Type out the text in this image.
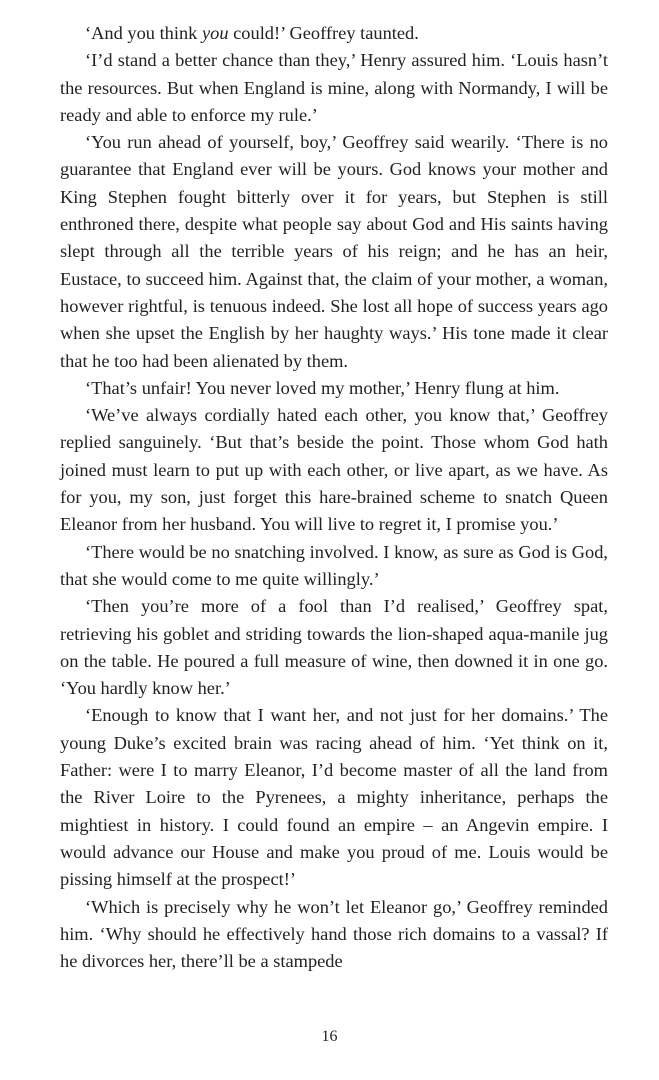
‘And you think you could!’ Geoffrey taunted.

‘I’d stand a better chance than they,’ Henry assured him. ‘Louis hasn’t the resources. But when England is mine, along with Normandy, I will be ready and able to enforce my rule.’

‘You run ahead of yourself, boy,’ Geoffrey said wearily. ‘There is no guarantee that England ever will be yours. God knows your mother and King Stephen fought bitterly over it for years, but Stephen is still enthroned there, despite what people say about God and His saints having slept through all the terrible years of his reign; and he has an heir, Eustace, to succeed him. Against that, the claim of your mother, a woman, however rightful, is tenuous indeed. She lost all hope of success years ago when she upset the English by her haughty ways.’ His tone made it clear that he too had been alienated by them.

‘That’s unfair! You never loved my mother,’ Henry flung at him.

‘We’ve always cordially hated each other, you know that,’ Geoffrey replied sanguinely. ‘But that’s beside the point. Those whom God hath joined must learn to put up with each other, or live apart, as we have. As for you, my son, just forget this hare-brained scheme to snatch Queen Eleanor from her husband. You will live to regret it, I promise you.’

‘There would be no snatching involved. I know, as sure as God is God, that she would come to me quite willingly.’

‘Then you’re more of a fool than I’d realised,’ Geoffrey spat, retrieving his goblet and striding towards the lion-shaped aqua-manile jug on the table. He poured a full measure of wine, then downed it in one go. ‘You hardly know her.’

‘Enough to know that I want her, and not just for her domains.’ The young Duke’s excited brain was racing ahead of him. ‘Yet think on it, Father: were I to marry Eleanor, I’d become master of all the land from the River Loire to the Pyrenees, a mighty inheritance, perhaps the mightiest in history. I could found an empire – an Angevin empire. I would advance our House and make you proud of me. Louis would be pissing himself at the prospect!’

‘Which is precisely why he won’t let Eleanor go,’ Geoffrey reminded him. ‘Why should he effectively hand those rich domains to a vassal? If he divorces her, there’ll be a stampede

16
